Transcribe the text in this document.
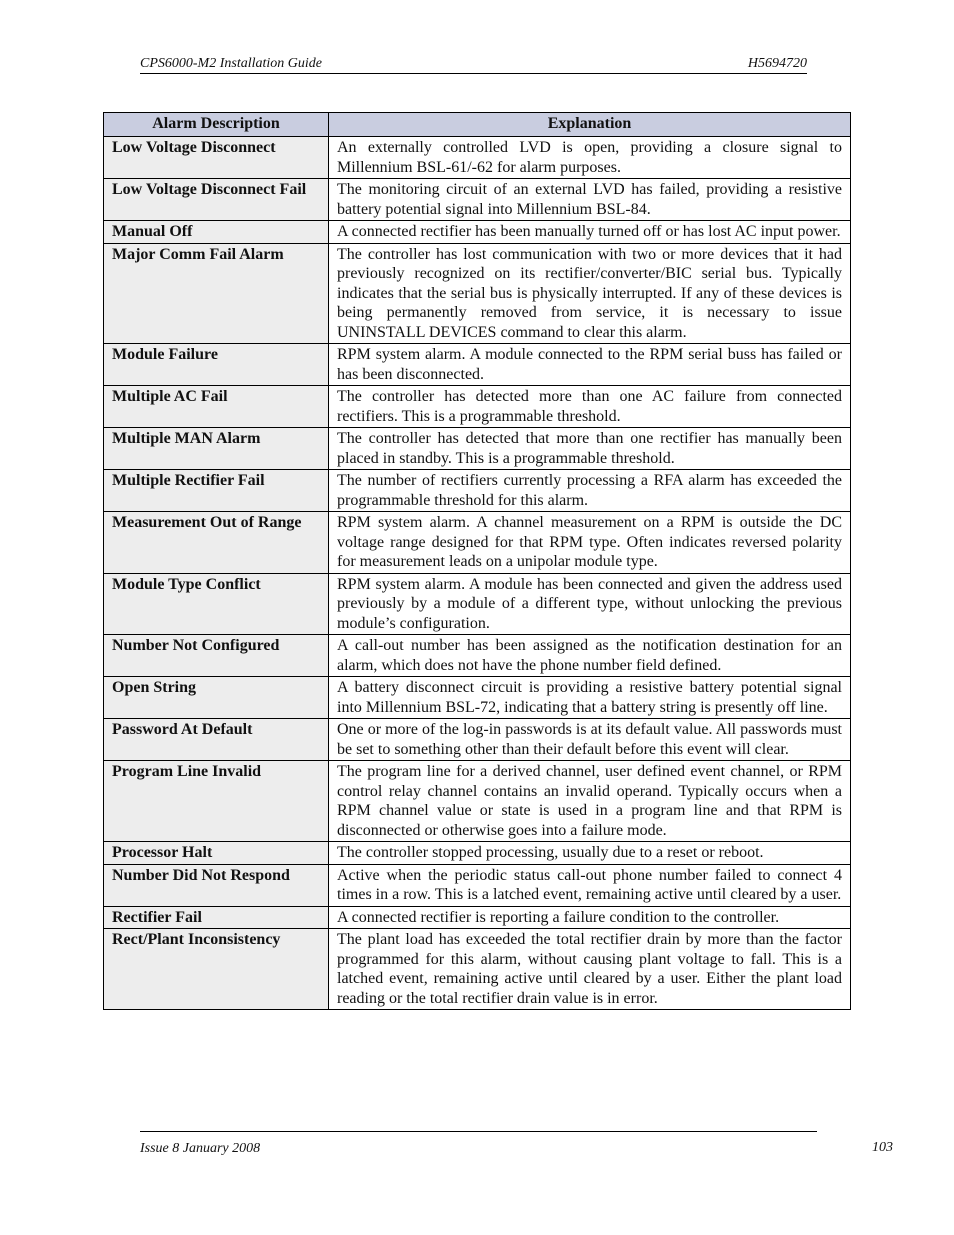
CPS6000-M2 Installation Guide	H5694720
Alarm Description	Explanation
Low Voltage Disconnect	An externally controlled LVD is open, providing a closure signal to Millennium BSL-61/-62 for alarm purposes.
Low Voltage Disconnect Fail	The monitoring circuit of an external LVD has failed, providing a resistive battery potential signal into Millennium BSL-84.
Manual Off	A connected rectifier has been manually turned off or has lost AC input power.
Major Comm Fail Alarm	The controller has lost communication with two or more devices that it had previously recognized on its rectifier/converter/BIC serial bus. Typically indicates that the serial bus is physically interrupted. If any of these devices is being permanently removed from service, it is necessary to issue UNINSTALL DEVICES command to clear this alarm.
Module Failure	RPM system alarm. A module connected to the RPM serial buss has failed or has been disconnected.
Multiple AC Fail	The controller has detected more than one AC failure from connected rectifiers. This is a programmable threshold.
Multiple MAN Alarm	The controller has detected that more than one rectifier has manually been placed in standby. This is a programmable threshold.
Multiple Rectifier Fail	The number of rectifiers currently processing a RFA alarm has exceeded the programmable threshold for this alarm.
Measurement Out of Range	RPM system alarm. A channel measurement on a RPM is outside the DC voltage range designed for that RPM type. Often indicates reversed polarity for measurement leads on a unipolar module type.
Module Type Conflict	RPM system alarm. A module has been connected and given the address used previously by a module of a different type, without unlocking the previous module’s configuration.
Number Not Configured	A call-out number has been assigned as the notification destination for an alarm, which does not have the phone number field defined.
Open String	A battery disconnect circuit is providing a resistive battery potential signal into Millennium BSL-72, indicating that a battery string is presently off line.
Password At Default	One or more of the log-in passwords is at its default value. All passwords must be set to something other than their default before this event will clear.
Program Line Invalid	The program line for a derived channel, user defined event channel, or RPM control relay channel contains an invalid operand. Typically occurs when a RPM channel value or state is used in a program line and that RPM is disconnected or otherwise goes into a failure mode.
Processor Halt	The controller stopped processing, usually due to a reset or reboot.
Number Did Not Respond	Active when the periodic status call-out phone number failed to connect 4 times in a row. This is a latched event, remaining active until cleared by a user.
Rectifier Fail	A connected rectifier is reporting a failure condition to the controller.
Rect/Plant Inconsistency	The plant load has exceeded the total rectifier drain by more than the factor programmed for this alarm, without causing plant voltage to fall. This is a latched event, remaining active until cleared by a user. Either the plant load reading or the total rectifier drain value is in error.
Issue 8 January 2008	103
